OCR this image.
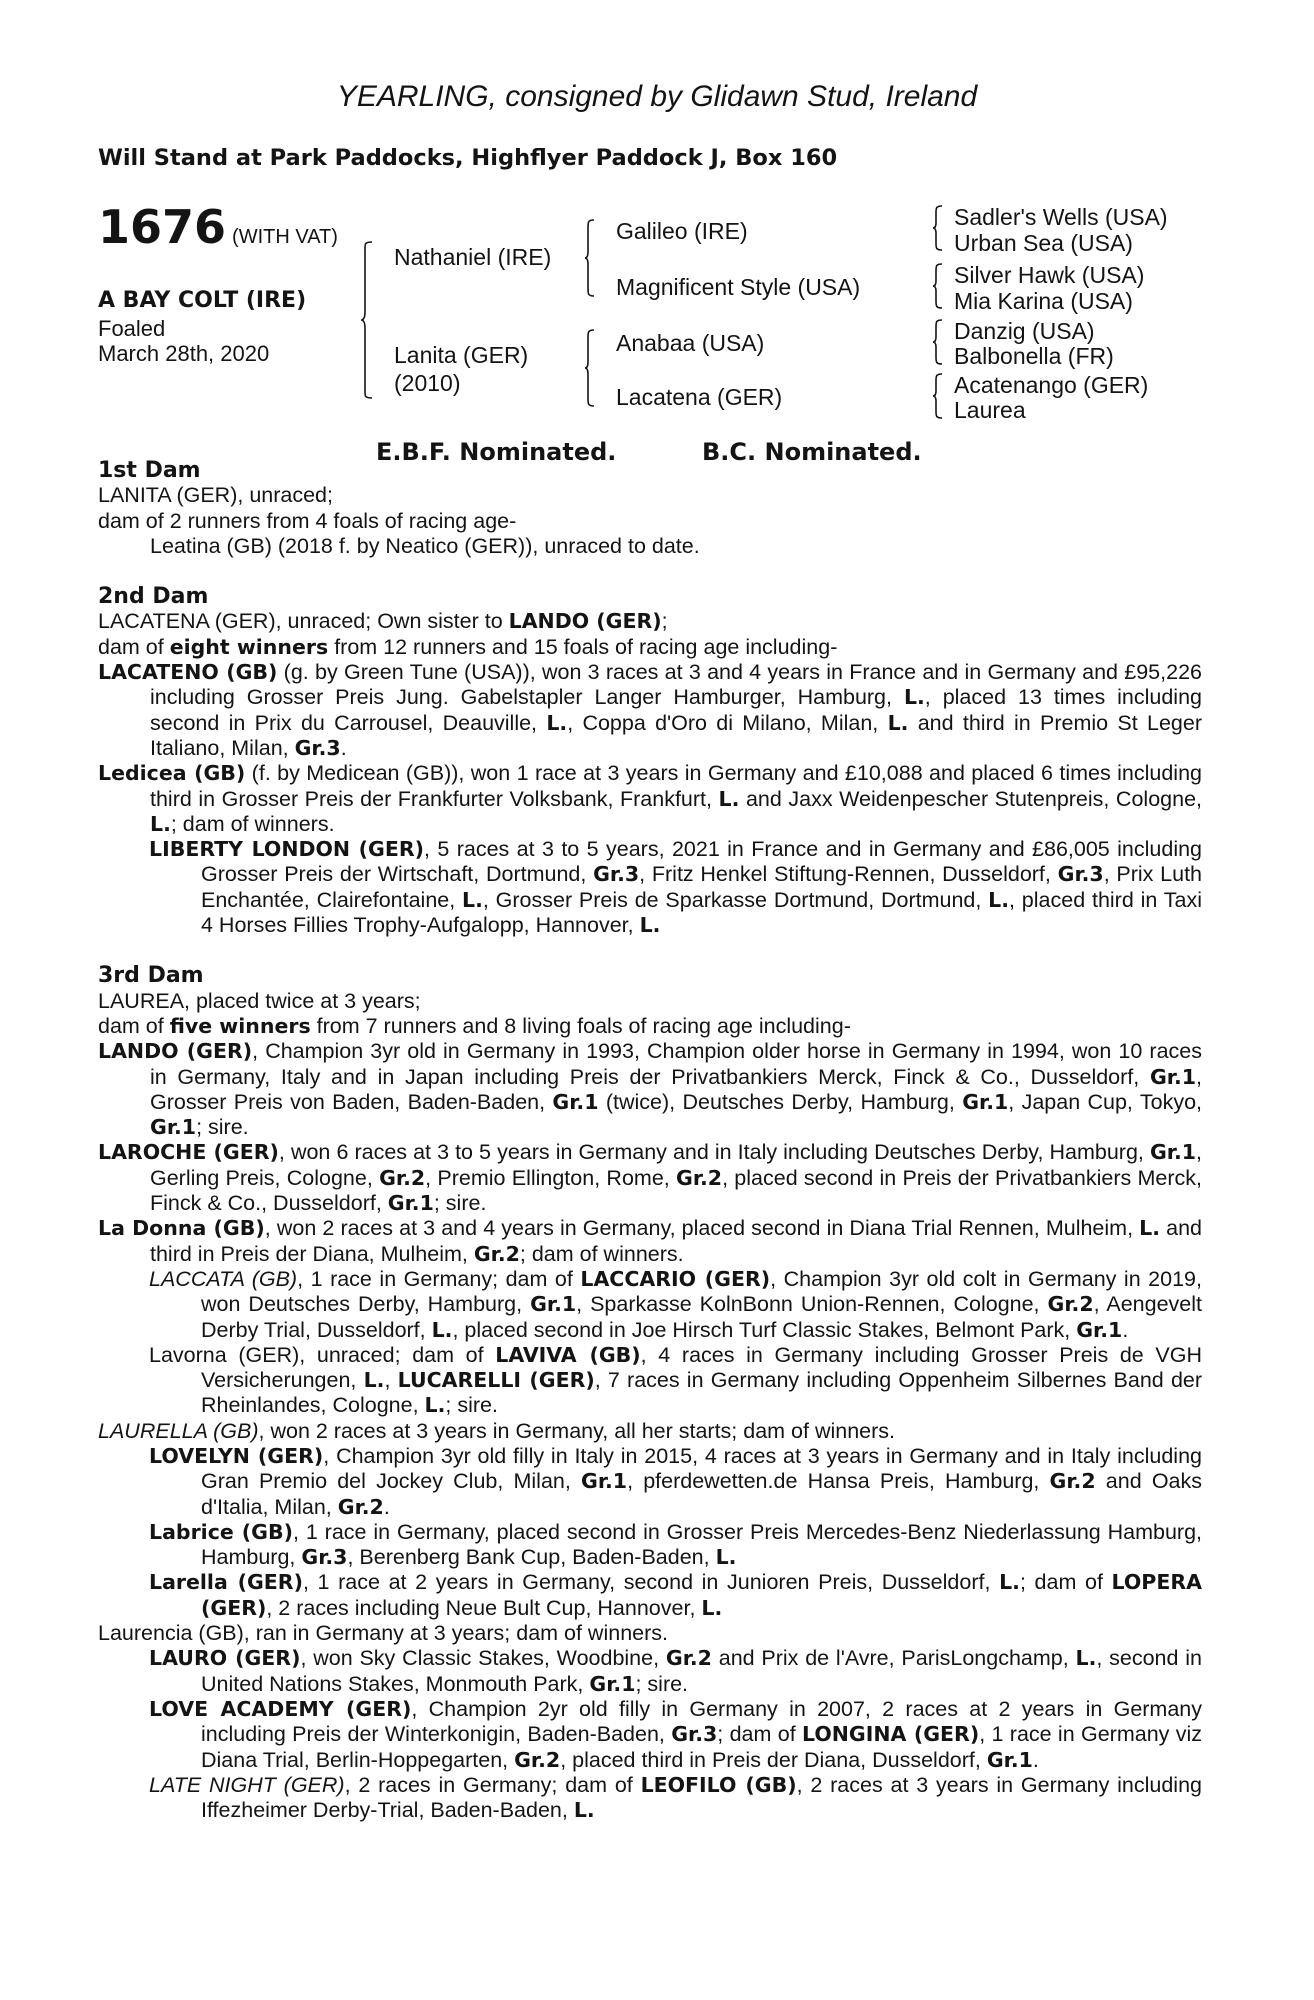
YEARLING, consigned by Glidawn Stud, Ireland
Will Stand at Park Paddocks, Highflyer Paddock J, Box 160
1676 (WITH VAT)
A BAY COLT (IRE)
Foaled
March 28th, 2020
Nathaniel (IRE)
Lanita (GER)
(2010)
Galileo (IRE)
Magnificent Style (USA)
Anabaa (USA)
Lacatena (GER)
Sadler's Wells (USA)
Urban Sea (USA)
Silver Hawk (USA)
Mia Karina (USA)
Danzig (USA)
Balbonella (FR)
Acatenango (GER)
Laurea
E.B.F. Nominated.	B.C. Nominated.
1st Dam
LANITA (GER), unraced;
dam of 2 runners from 4 foals of racing age-
Leatina (GB) (2018 f. by Neatico (GER)), unraced to date.
2nd Dam
LACATENA (GER), unraced; Own sister to LANDO (GER);
dam of eight winners from 12 runners and 15 foals of racing age including-
LACATENO (GB) (g. by Green Tune (USA)), won 3 races at 3 and 4 years in France and in Germany and £95,226 including Grosser Preis Jung. Gabelstapler Langer Hamburger, Hamburg, L., placed 13 times including second in Prix du Carrousel, Deauville, L., Coppa d'Oro di Milano, Milan, L. and third in Premio St Leger Italiano, Milan, Gr.3.
Ledicea (GB) (f. by Medicean (GB)), won 1 race at 3 years in Germany and £10,088 and placed 6 times including third in Grosser Preis der Frankfurter Volksbank, Frankfurt, L. and Jaxx Weidenpescher Stutenpreis, Cologne, L.; dam of winners.
LIBERTY LONDON (GER), 5 races at 3 to 5 years, 2021 in France and in Germany and £86,005 including Grosser Preis der Wirtschaft, Dortmund, Gr.3, Fritz Henkel Stiftung-Rennen, Dusseldorf, Gr.3, Prix Luth Enchantée, Clairefontaine, L., Grosser Preis de Sparkasse Dortmund, Dortmund, L., placed third in Taxi 4 Horses Fillies Trophy-Aufgalopp, Hannover, L.
3rd Dam
LAUREA, placed twice at 3 years;
dam of five winners from 7 runners and 8 living foals of racing age including-
LANDO (GER), Champion 3yr old in Germany in 1993, Champion older horse in Germany in 1994, won 10 races in Germany, Italy and in Japan including Preis der Privatbankiers Merck, Finck & Co., Dusseldorf, Gr.1, Grosser Preis von Baden, Baden-Baden, Gr.1 (twice), Deutsches Derby, Hamburg, Gr.1, Japan Cup, Tokyo, Gr.1; sire.
LAROCHE (GER), won 6 races at 3 to 5 years in Germany and in Italy including Deutsches Derby, Hamburg, Gr.1, Gerling Preis, Cologne, Gr.2, Premio Ellington, Rome, Gr.2, placed second in Preis der Privatbankiers Merck, Finck & Co., Dusseldorf, Gr.1; sire.
La Donna (GB), won 2 races at 3 and 4 years in Germany, placed second in Diana Trial Rennen, Mulheim, L. and third in Preis der Diana, Mulheim, Gr.2; dam of winners.
LACCATA (GB), 1 race in Germany; dam of LACCARIO (GER), Champion 3yr old colt in Germany in 2019, won Deutsches Derby, Hamburg, Gr.1, Sparkasse KolnBonn Union-Rennen, Cologne, Gr.2, Aengevelt Derby Trial, Dusseldorf, L., placed second in Joe Hirsch Turf Classic Stakes, Belmont Park, Gr.1.
Lavorna (GER), unraced; dam of LAVIVA (GB), 4 races in Germany including Grosser Preis de VGH Versicherungen, L., LUCARELLI (GER), 7 races in Germany including Oppenheim Silbernes Band der Rheinlandes, Cologne, L.; sire.
LAURELLA (GB), won 2 races at 3 years in Germany, all her starts; dam of winners.
LOVELYN (GER), Champion 3yr old filly in Italy in 2015, 4 races at 3 years in Germany and in Italy including Gran Premio del Jockey Club, Milan, Gr.1, pferdewetten.de Hansa Preis, Hamburg, Gr.2 and Oaks d'Italia, Milan, Gr.2.
Labrice (GB), 1 race in Germany, placed second in Grosser Preis Mercedes-Benz Niederlassung Hamburg, Hamburg, Gr.3, Berenberg Bank Cup, Baden-Baden, L.
Larella (GER), 1 race at 2 years in Germany, second in Junioren Preis, Dusseldorf, L.; dam of LOPERA (GER), 2 races including Neue Bult Cup, Hannover, L.
Laurencia (GB), ran in Germany at 3 years; dam of winners.
LAURO (GER), won Sky Classic Stakes, Woodbine, Gr.2 and Prix de l'Avre, ParisLongchamp, L., second in United Nations Stakes, Monmouth Park, Gr.1; sire.
LOVE ACADEMY (GER), Champion 2yr old filly in Germany in 2007, 2 races at 2 years in Germany including Preis der Winterkonigin, Baden-Baden, Gr.3; dam of LONGINA (GER), 1 race in Germany viz Diana Trial, Berlin-Hoppegarten, Gr.2, placed third in Preis der Diana, Dusseldorf, Gr.1.
LATE NIGHT (GER), 2 races in Germany; dam of LEOFILO (GB), 2 races at 3 years in Germany including Iffezheimer Derby-Trial, Baden-Baden, L.
